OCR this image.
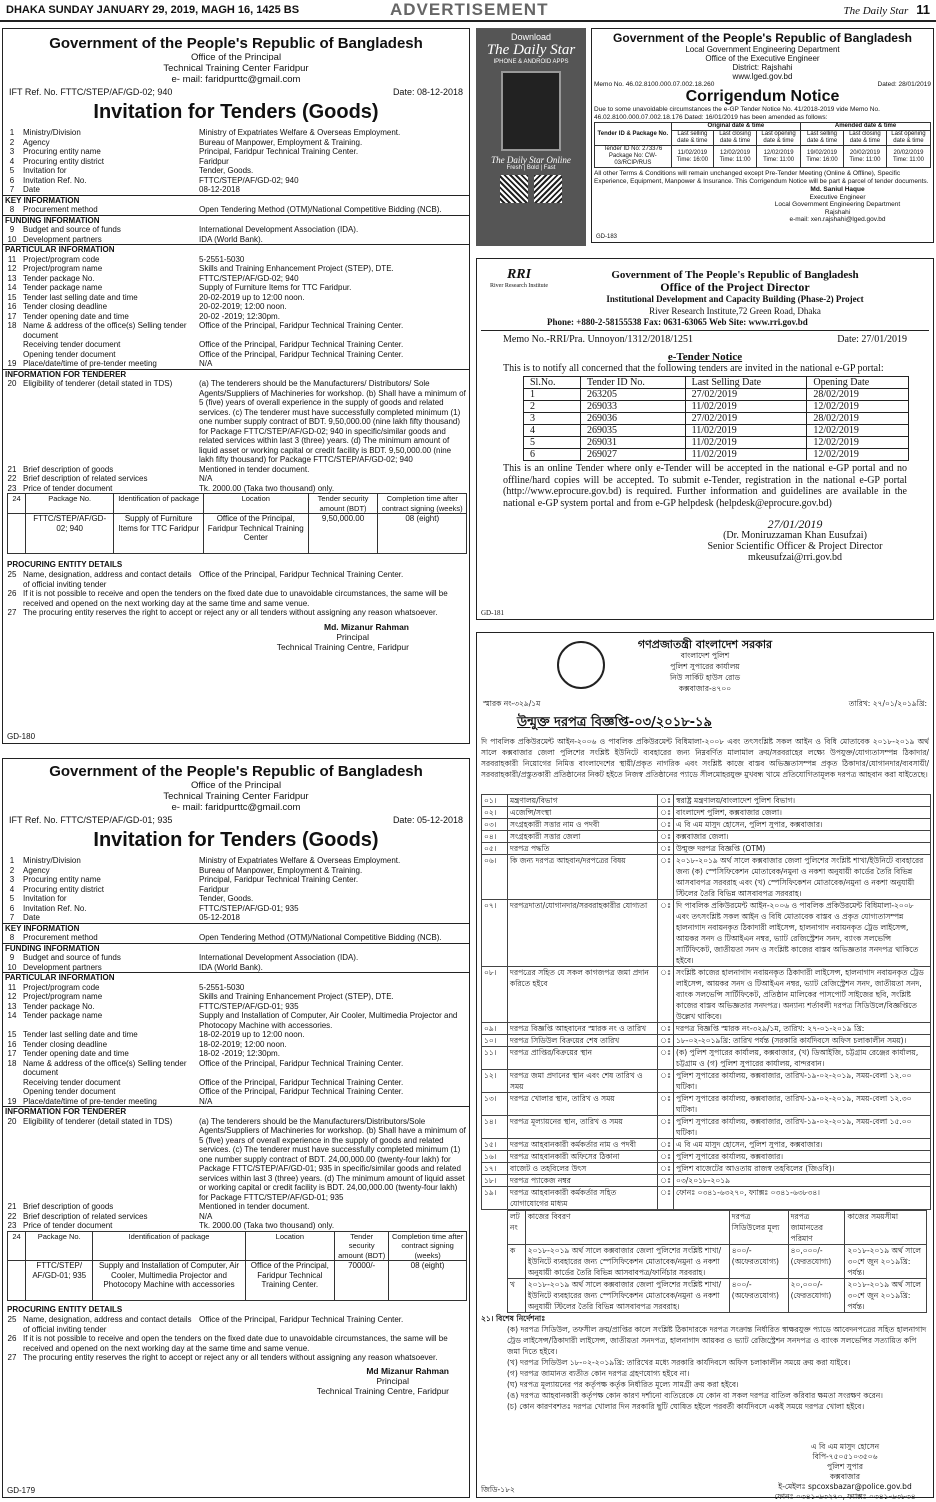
DHAKA SUNDAY JANUARY 29, 2019, MAGH 16, 1425 BS	ADVERTISEMENT	The Daily Star 11
Government of the People's Republic of Bangladesh
Office of the Principal
Technical Training Center Faridpur
e- mail: faridpurttc@gmail.com
IFT Ref. No. FTTC/STEP/AF/GD-02; 940	Date: 08-12-2018
Invitation for Tenders (Goods)
1	Ministry/Division	Ministry of Expatriates Welfare & Overseas Employment.
2	Agency	Bureau of Manpower, Employment & Training.
3	Procuring entity name	Principal, Faridpur Technical Training Center.
4	Procuring entity district	Faridpur
5	Invitation for	Tender, Goods.
6	Invitation Ref. No.	FTTC/STEP/AF/GD-02; 940
7	Date	08-12-2018
KEY INFORMATION		
8	Procurement method	Open Tendering Method (OTM)/National Competitive Bidding (NCB).
FUNDING INFORMATION		
9	Budget and source of funds	International Development Association (IDA).
10	Development partners	IDA (World Bank).
PARTICULAR INFORMATION		
11	Project/program code	5-2551-5030
12	Project/program name	Skills and Training Enhancement Project (STEP), DTE.
13	Tender package No.	FTTC/STEP/AF/GD-02; 940
14	Tender package name	Supply of Furniture Items for TTC Faridpur.
15	Tender last selling date and time	20-02-2019 up to 12:00 noon.
16	Tender closing deadline	20-02-2019; 12:00 noon.
17	Tender opening date and time	20-02 -2019; 12:30pm.
18	Name & address of the office(s) Selling tender document	Office of the Principal, Faridpur Technical Training Center.
	Receiving tender document	Office of the Principal, Faridpur Technical Training Center.
	Opening tender document	Office of the Principal, Faridpur Technical Training Center.
19	Place/date/time of pre-tender meeting	N/A
INFORMATION FOR TENDERER		
20	Eligibility of tenderer (detail stated in TDS)	(a) The tenderers should be the Manufacturers/ Distributors/ Sole Agents/Suppliers of Machineries for workshop. (b) Shall have a minimum of 5 (five) years of overall experience in the supply of goods and related services. (c) The tenderer must have successfully completed minimum (1) one number supply contract of BDT. 9,50,000.00 (nine lakh fifty thousand) for Package FTTC/STEP/AF/GD-02; 940 in specific/similar goods and related services within last 3 (three) years. (d) The minimum amount of liquid asset or working capital or credit facility is BDT. 9,50,000.00 (nine lakh fifty thousand) for Package FTTC/STEP/AF/GD-02; 940
21	Brief description of goods	Mentioned in tender document.
22	Brief description of related services	N/A
23	Price of tender document	Tk. 2000.00 (Taka two thousand) only.
24	Package No.	Identification of package	Location	Tender security amount (BDT)	Completion time after contract signing (weeks)
	FTTC/STEP/AF/GD-02; 940	Supply of Furniture Items for TTC Faridpur	Office of the Principal, Faridpur Technical Training Center	9,50,000.00	08 (eight)
PROCURING ENTITY DETAILS
25	Name, designation, address and contact details of official inviting tender	Office of the Principal, Faridpur Technical Training Center.
26	If it is not possible to receive and open the tenders on the fixed date due to unavoidable circumstances, the same will be received and opened on the next working day at the same time and same venue.	
27	The procuring entity reserves the right to accept or reject any or all tenders without assigning any reason whatsoever.	
Md. Mizanur Rahman
Principal
Technical Training Centre, Faridpur
GD-180
Government of the People's Republic of Bangladesh
Office of the Principal
Technical Training Center Faridpur
e- mail: faridpurttc@gmail.com
IFT Ref. No. FTTC/STEP/AF/GD-01; 935	Date: 05-12-2018
Invitation for Tenders (Goods)
1	Ministry/Division	Ministry of Expatriates Welfare & Overseas Employment.
2	Agency	Bureau of Manpower, Employment & Training.
3	Procuring entity name	Principal, Faridpur Technical Training Center.
4	Procuring entity district	Faridpur
5	Invitation for	Tender, Goods.
6	Invitation Ref. No.	FTTC/STEP/AF/GD-01; 935
7	Date	05-12-2018
KEY INFORMATION		
8	Procurement method	Open Tendering Method (OTM)/National Competitive Bidding (NCB).
FUNDING INFORMATION		
9	Budget and source of funds	International Development Association (IDA).
10	Development partners	IDA (World Bank).
PARTICULAR INFORMATION		
11	Project/program code	5-2551-5030
12	Project/program name	Skills and Training Enhancement Project (STEP), DTE.
13	Tender package No.	FTTC/STEP/AF/GD-01; 935
14	Tender package name	Supply and Installation of Computer, Air Cooler, Multimedia Projector and Photocopy Machine with accessories.
15	Tender last selling date and time	18-02-2019 up to 12:00 noon.
16	Tender closing deadline	18-02-2019; 12:00 noon.
17	Tender opening date and time	18-02 -2019; 12:30pm.
18	Name & address of the office(s) Selling tender document	Office of the Principal, Faridpur Technical Training Center.
	Receiving tender document	Office of the Principal, Faridpur Technical Training Center.
	Opening tender document	Office of the Principal, Faridpur Technical Training Center.
19	Place/date/time of pre-tender meeting	N/A
INFORMATION FOR TENDERER		
20	Eligibility of tenderer (detail stated in TDS)	(a) The tenderers should be the Manufacturers/Distributors/Sole Agents/Suppliers of Machineries for workshop. (b) Shall have a minimum of 5 (five) years of overall experience in the supply of goods and related services. (c) The tenderer must have successfully completed minimum (1) one number supply contract of BDT. 24,00,000.00 (twenty-four lakh) for Package FTTC/STEP/AF/GD-01; 935 in specific/similar goods and related services within last 3 (three) years. (d) The minimum amount of liquid asset or working capital or credit facility is BDT. 24,00,000.00 (twenty-four lakh) for Package FTTC/STEP/AF/GD-01; 935
21	Brief description of goods	Mentioned in tender document.
22	Brief description of related services	N/A
23	Price of tender document	Tk. 2000.00 (Taka two thousand) only.
24	Package No.	Identification of package	Location	Tender security amount (BDT)	Completion time after contract signing (weeks)
	FTTC/STEP/ AF/GD-01; 935	Supply and Installation of Computer, Air Cooler, Multimedia Projector and Photocopy Machine with accessories	Office of the Principal, Faridpur Technical Training Center.	70000/-	08 (eight)
PROCURING ENTITY DETAILS
25	Name, designation, address and contact details of official inviting tender	Office of the Principal, Faridpur Technical Training Center.
26	If it is not possible to receive and open the tenders on the fixed date due to unavoidable circumstances, the same will be received and opened on the next working day at the same time and same venue.	
27	The procuring entity reserves the right to accept or reject any or all tenders without assigning any reason whatsoever.	
Md Mizanur Rahman
Principal
Technical Training Centre, Faridpur
GD-179
Download
The Daily Star
IPHONE & ANDROID APPS
The Daily Star Online
Fresh | Bold | Fast
Government of the People's Republic of Bangladesh
Local Government Engineering Department
Office of the Executive Engineer
District: Rajshahi
www.lged.gov.bd
Memo No. 46.02.8100.000.07.002.18.260	Dated: 28/01/2019
Corrigendum Notice
Due to some unavoidable circumstances the e-GP Tender Notice No. 41/2018-2019 vide Memo No. 46.02.8100.000.07.002.18.176 Dated: 16/01/2019 has been amended as follows:
Tender ID & Package No.	Original date & time			Amended date & time		
	Last selling date & time	Last closing date & time	Last opening date & time	Last selling date & time	Last closing date & time	Last opening date & time
Tender ID No: 273376 Package No: CW-03/RCIP/RUS	11/02/2019 Time: 16:00	12/02/2019 Time: 11:00	12/02/2019 Time: 11:00	19/02/2019 Time: 16:00	20/02/2019 Time: 11:00	20/02/2019 Time: 11:00
All other Terms & Conditions will remain unchanged except Pre-Tender Meeting (Online & Offline), Specific Experience, Equipment, Manpower & Insurance. This Corrigendum Notice will be part & parcel of tender documents.
Md. Saniul Haque
Executive Engineer
Local Government Engineering Department
Rajshahi
e-mail: xen.rajshahi@lged.gov.bd
GD-183
RRI
River Research Institute
Government of The People's Republic of Bangladesh
Office of the Project Director
Institutional Development and Capacity Building (Phase-2) Project
River Research Institute,72 Green Road, Dhaka
Phone: +880-2-58155538 Fax: 0631-63065 Web Site: www.rri.gov.bd
Memo No.-RRI/Pra. Unnoyon/1312/2018/1251	Date: 27/01/2019
e-Tender Notice
This is to notify all concerned that the following tenders are invited in the national e-GP portal:
Sl.No.	Tender ID No.	Last Selling Date	Opening Date
1	263205	27/02/2019	28/02/2019
2	269033	11/02/2019	12/02/2019
3	269036	27/02/2019	28/02/2019
4	269035	11/02/2019	12/02/2019
5	269031	11/02/2019	12/02/2019
6	269027	11/02/2019	12/02/2019
This is an online Tender where only e-Tender will be accepted in the national e-GP portal and no offline/hard copies will be accepted. To submit e-Tender, registration in the national e-GP portal (http://www.eprocure.gov.bd) is required. Further information and guidelines are available in the national e-GP system portal and from e-GP helpdesk (helpdesk@eprocure.gov.bd)
27/01/2019
(Dr. Moniruzzaman Khan Eusufzai)
Senior Scientific Officer & Project Director
mkeusufzai@rri.gov.bd
GD-181
গণপ্রজাতন্ত্রী বাংলাদেশ সরকার
বাংলাদেশ পুলিশ
পুলিশ সুপারের কার্যালয়
নিউ সার্কিট হাউস রোড
কক্সবাজার-৪৭০০
স্মারক নং-৩২৯/১ম	তারিখ: ২৭/০১/২০১৯খ্রি:
উন্মুক্ত দরপত্র বিজ্ঞপ্তি-০৩/২০১৮-১৯
দি পাবলিক প্রকিউরমেন্ট আইন-২০০৬ ও পাবলিক প্রকিউরমেন্ট বিধিমালা-২০০৮ এবং তৎসংশ্লিষ্ট সকল আইন ও বিধি মোতাবেক ২০১৮-২০১৯ অর্থ সালে কক্সবাজার জেলা পুলিশের সংশ্লিষ্ট ইউনিটে ব্যবহারের জন্য নিম্নবর্ণিত মালামাল ক্রয়/সরবরাহের লক্ষ্যে উপযুক্ত/যোগ্যতাসম্পন্ন ঠিকাদার/সরবরাহকারী নিয়োগের নিমিত্ত বাংলাদেশের স্থায়ী/প্রকৃত নাগরিক এবং সংশ্লিষ্ট কাজে বাস্তব অভিজ্ঞতাসম্পন্ন প্রকৃত ঠিকাদার/যোগানদার/ব্যবসায়ী/সরবরাহকারী/প্রস্তুতকারী প্রতিষ্ঠানের নিকট হইতে নিজস্ব প্রতিষ্ঠানের প্যাডে সীলমোহরযুক্ত মুখবন্ধ খামে প্রতিযোগিতামূলক দরপত্র আহবান করা যাইতেছে।
০১।	মন্ত্রণালয়/বিভাগ	ঃ	স্বরাষ্ট্র মন্ত্রণালয়/বাংলাদেশ পুলিশ বিভাগ।
০২।	এজেন্সি/সংস্থা	ঃ	বাংলাদেশ পুলিশ, কক্সবাজার জেলা।
০৩।	সংগ্রহকারী সত্তার নাম ও পদবী	ঃ	এ বি এম মাসুদ হোসেন, পুলিশ সুপার, কক্সবাজার।
০৪।	সংগ্রহকারী সত্তার জেলা	ঃ	কক্সবাজার জেলা।
০৫।	দরপত্র পদ্ধতি	ঃ	উন্মুক্ত দরপত্র বিজ্ঞপ্তি (OTM)
০৬।	কি জন্য দরপত্র আহবান/দরপত্রের বিষয়	ঃ	২০১৮-২০১৯ অর্থ সালে কক্সবাজার জেলা পুলিশের সংশ্লিষ্ট শাখা/ইউনিটে ব্যবহারের জন্য (ক) স্পেসিফিকেশন মোতাবেক/নমুনা ও নকশা অনুযায়ী কার্ডের তৈরি বিভিন্ন আসবাবপত্র সরবরাহ এবং (খ) স্পেসিফিকেশন মোতাবেক/নমুনা ও নকশা অনুযায়ী স্টিলের তৈরি বিভিন্ন আসবাবপত্র সরবরাহ।
০৭।	দরপত্রদাতা/যোগানদার/সরবরাহকারীর যোগ্যতা	ঃ	দি পাবলিক প্রকিউরমেন্ট আইন-২০০৬ ও পাবলিক প্রকিউরমেন্ট বিধিমালা-২০০৮ এবং তৎসংশ্লিষ্ট সকল আইন ও বিধি মোতাবেক বাস্তব ও প্রকৃত যোগ্যতাসম্পন্ন হালনাগাদ নবায়নকৃত ঠিকাদারী লাইসেন্স, হালনাগাদ নবায়নকৃত ট্রেড লাইসেন্স, আয়কর সনদ ও টিআইএন নম্বর, ভ্যাট রেজিস্ট্রেশন সনদ, ব্যাংক সলভেন্সি সার্টিফিকেট, জাতীয়তা সনদ ও সংশ্লিষ্ট কাজের বাস্তব অভিজ্ঞতার সনদপত্র থাকিতে হইবে।
০৮।	দরপত্রের সহিত যে সকল কাগজপত্র জমা প্রদান করিতে হইবে	ঃ	সংশ্লিষ্ট কাজের হালনাগাদ নবায়নকৃত ঠিকাদারী লাইসেন্স, হালনাগাদ নবায়নকৃত ট্রেড লাইসেন্স, আয়কর সনদ ও টিআইএন নম্বর, ভ্যাট রেজিস্ট্রেশন সনদ, জাতীয়তা সনদ, ব্যাংক সলভেন্সি সার্টিফিকেট, প্রতিষ্ঠান মালিকের পাসপোর্ট সাইজের ছবি, সংশ্লিষ্ট কাজের বাস্তব অভিজ্ঞতার সনদপত্র। অন্যান্য শর্তাবলী দরপত্র সিডিউলে/বিজ্ঞপ্তিতে উল্লেখ থাকিবে।
০৯।	দরপত্র বিজ্ঞপ্তি আহবানের স্মারক নং ও তারিখ	ঃ	দরপত্র বিজ্ঞপ্তি স্মারক নং-৩২৯/১ম, তারিখ: ২৭-০১-২০১৯ খ্রি:
১০।	দরপত্র সিডিউল বিক্রয়ের শেষ তারিখ	ঃ	১৮-০২-২০১৯খ্রি: তারিখ পর্যন্ত (সরকারি কার্যদিবসে অফিস চলাকালীন সময়)।
১১।	দরপত্র প্রাপ্তির/বিক্রয়ের স্থান	ঃ	(ক) পুলিশ সুপারের কার্যালয়, কক্সবাজার, (খ) ডিআইজি, চট্টগ্রাম রেঞ্জের কার্যালয়, চট্টগ্রাম ও (গ) পুলিশ সুপারের কার্যালয়, বান্দরবান।
১২।	দরপত্র জমা প্রদানের স্থান এবং শেষ তারিখ ও সময়	ঃ	পুলিশ সুপারের কার্যালয়, কক্সবাজার, তারিখ-১৯-০২-২০১৯, সময়-বেলা ১২.০০ ঘটিকা।
১৩।	দরপত্র খোলার স্থান, তারিখ ও সময়	ঃ	পুলিশ সুপারের কার্যালয়, কক্সবাজার, তারিখ-১৯-০২-২০১৯, সময়-বেলা ১২.৩০ ঘটিকা।
১৪।	দরপত্র মূল্যায়নের স্থান, তারিখ ও সময়	ঃ	পুলিশ সুপারের কার্যালয়, কক্সবাজার, তারিখ-১৯-০২-২০১৯, সময়-বেলা ১৫.০০ ঘটিকা।
১৫।	দরপত্র আহবানকারী কর্মকর্তার নাম ও পদবী	ঃ	এ বি এম মাসুদ হোসেন, পুলিশ সুপার, কক্সবাজার।
১৬।	দরপত্র আহবানকারী অফিসের ঠিকানা	ঃ	পুলিশ সুপারের কার্যালয়, কক্সবাজার।
১৭।	বাজেট ও তহবিলের উৎস	ঃ	পুলিশ বাজেটের আওতায় রাজস্ব তহবিলের (জিওবি)।
১৮।	দরপত্র প্যাকেজ নম্বর	ঃ	০৩/২০১৮-২০১৯
১৯।	দরপত্র আহবানকারী কর্মকর্তার সহিত যোগাযোগের মাধ্যম	ঃ	ফোনঃ ০৩৪১-৬৩২৭০, ফ্যাক্সঃ ০৩৪১-৬৩৮৩৪।
লট নং	কাজের বিবরণ	দরপত্র সিডিউলের মূল্য	দরপত্র জামানতের পরিমাণ	কাজের সময়সীমা
ক	২০১৮-২০১৯ অর্থ সালে কক্সবাজার জেলা পুলিশের সংশ্লিষ্ট শাখা/ইউনিটে ব্যবহারের জন্য স্পেসিফিকেশন মোতাবেক/নমুনা ও নকশা অনুযায়ী কার্ডের তৈরি বিভিন্ন আসবাবপত্র/ফার্নিচার সরবরাহ।	৪০০/- (অফেরতযোগ্য)	৪০,০০০/- (ফেরতযোগ্য)	২০১৮-২০১৯ অর্থ সালে ৩০শে জুন ২০১৯খ্রি: পর্যন্ত।
খ	২০১৮-২০১৯ অর্থ সালে কক্সবাজার জেলা পুলিশের সংশ্লিষ্ট শাখা/ইউনিটে ব্যবহারের জন্য স্পেসিফিকেশন মোতাবেক/নমুনা ও নকশা অনুযায়ী স্টিলের তৈরি বিভিন্ন আসবাবপত্র সরবরাহ।	৪০০/- (অফেরতযোগ্য)	২০,০০০/- (ফেরতযোগ্য)	২০১৮-২০১৯ অর্থ সালে ৩০শে জুন ২০১৯খ্রি: পর্যন্ত।
২১। বিশেষ নির্দেশনাঃ
(ক) দরপত্র সিডিউল, তফসীল ক্রয়/প্রাপ্তির কালে সংশ্লিষ্ট ঠিকাদারকে দরপত্র সংক্রান্ত নির্ধারিত স্বাক্ষরযুক্ত প্যাডে আবেদনপত্রের সহিত হালনাগাদ ট্রেড লাইসেন্স/ঠিকাদারী লাইসেন্স, জাতীয়তা সনদপত্র, হালনাগাদ আয়কর ও ভ্যাট রেজিস্ট্রেশন সনদপত্র ও ব্যাংক সলভেন্সির সত্যায়িত কপি জমা দিতে হইবে।
(খ) দরপত্র সিডিউল ১৮-০২-২০১৯খ্রি: তারিখের মধ্যে সরকারি কার্যদিবসে অফিস চলাকালীন সময়ে ক্রয় করা যাইবে।
(গ) দরপত্র জামানত ব্যতীত কোন দরপত্র গ্রহণযোগ্য হইবে না।
(ঘ) দরপত্র মূল্যায়নের পর কর্তৃপক্ষ কর্তৃক নির্ধারিত মূল্যে সামগ্রী ক্রয় করা হইবে।
(ঙ) দরপত্র আহবানকারী কর্তৃপক্ষ কোন কারণ দর্শানো ব্যতিরেকে যে কোন বা সকল দরপত্র বাতিল করিবার ক্ষমতা সংরক্ষণ করেন।
(চ) কোন কারণবশতঃ দরপত্র খোলার দিন সরকারি ছুটি ঘোষিত হইলে পরবর্তী কার্যদিবসে একই সময়ে দরপত্র খোলা হইবে।
এ বি এম মাসুদ হোসেন
বিপি-৭৫০৫১০৩৫০৬
পুলিশ সুপার
কক্সবাজার
ই-মেইলঃ spcoxsbazar@police.gov.bd
ফোনঃ ০৩৪১-৬৩২৭০, ফ্যাক্সঃ ০৩৪১-৬৩৮৩৪
জিডি-১৮২
